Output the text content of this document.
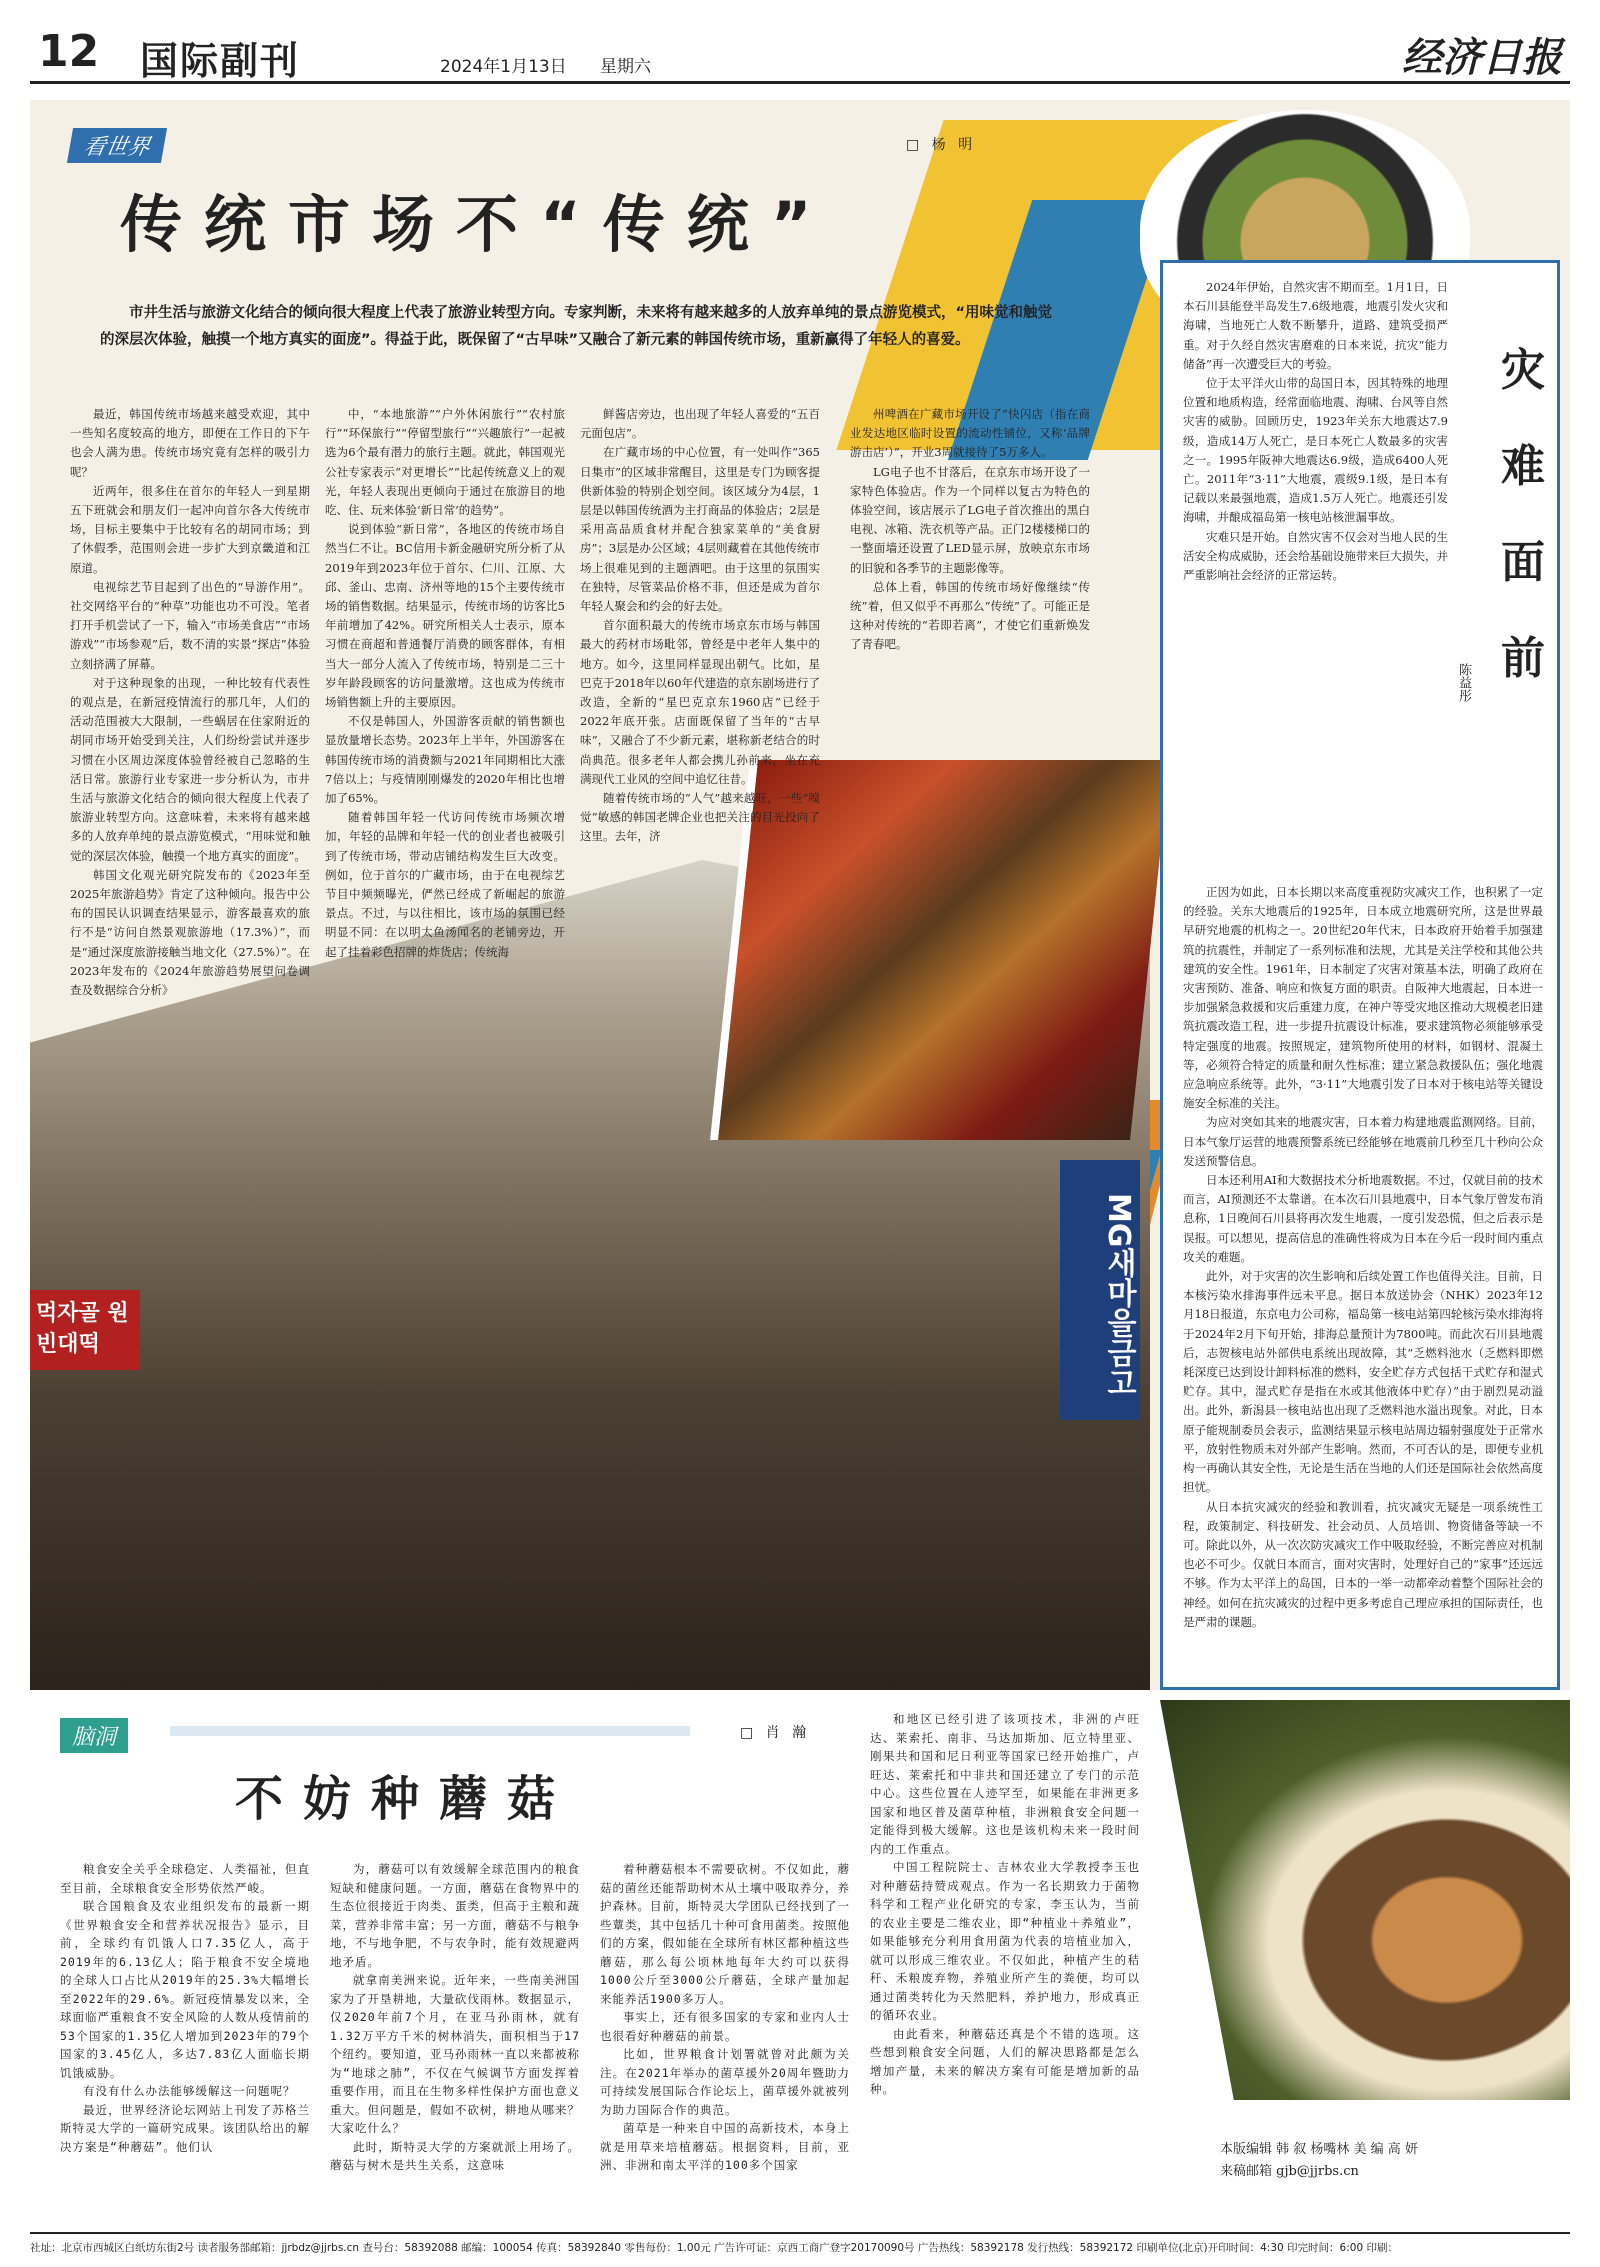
12 国际副刊	2024年1月13日 星期六	经济日报
MG새마을금고
먹자골 원빈대떡
看世界	□ 杨 明
传统市场不“传统”
市井生活与旅游文化结合的倾向很大程度上代表了旅游业转型方向。专家判断，未来将有越来越多的人放弃单纯的景点游览模式，“用味觉和触觉的深层次体验，触摸一个地方真实的面庞”。得益于此，既保留了“古早味”又融合了新元素的韩国传统市场，重新赢得了年轻人的喜爱。

最近，韩国传统市场越来越受欢迎，其中一些知名度较高的地方，即便在工作日的下午也会人满为患。传统市场究竟有怎样的吸引力呢？

近两年，很多住在首尔的年轻人一到星期五下班就会和朋友们一起冲向首尔各大传统市场，目标主要集中于比较有名的胡同市场；到了休假季，范围则会进一步扩大到京畿道和江原道。

电视综艺节目起到了出色的“导游作用”。社交网络平台的“种草”功能也功不可没。笔者打开手机尝试了一下，输入“市场美食店”“市场游戏”“市场参观”后，数不清的实景“探店”体验立刻挤满了屏幕。

对于这种现象的出现，一种比较有代表性的观点是，在新冠疫情流行的那几年，人们的活动范围被大大限制，一些蜗居在住家附近的胡同市场开始受到关注，人们纷纷尝试并逐步习惯在小区周边深度体验曾经被自己忽略的生活日常。旅游行业专家进一步分析认为，市井生活与旅游文化结合的倾向很大程度上代表了旅游业转型方向。这意味着，未来将有越来越多的人放弃单纯的景点游览模式，“用味觉和触觉的深层次体验，触摸一个地方真实的面庞”。

韩国文化观光研究院发布的《2023年至2025年旅游趋势》肯定了这种倾向。报告中公布的国民认识调查结果显示，游客最喜欢的旅行不是“访问自然景观旅游地（17.3%）”，而是“通过深度旅游接触当地文化（27.5%）”。在2023年发布的《2024年旅游趋势展望问卷调查及数据综合分析》

中，“本地旅游”“户外休闲旅行”“农村旅行”“环保旅行”“停留型旅行”“兴趣旅行”一起被选为6个最有潜力的旅行主题。就此，韩国观光公社专家表示“对更增长”“比起传统意义上的观光，年轻人表现出更倾向于通过在旅游目的地吃、住、玩来体验‘新日常’的趋势”。

说到体验“新日常”，各地区的传统市场自然当仁不让。BC信用卡新金融研究所分析了从2019年到2023年位于首尔、仁川、江原、大邱、釜山、忠南、济州等地的15个主要传统市场的销售数据。结果显示，传统市场的访客比5年前增加了42%。研究所相关人士表示，原本习惯在商超和普通餐厅消费的顾客群体，有相当大一部分人流入了传统市场，特别是二三十岁年龄段顾客的访问量激增。这也成为传统市场销售额上升的主要原因。

不仅是韩国人，外国游客贡献的销售额也显放量增长态势。2023年上半年，外国游客在韩国传统市场的消费额与2021年同期相比大涨7倍以上；与疫情刚刚爆发的2020年相比也增加了65%。

随着韩国年轻一代访问传统市场频次增加，年轻的品牌和年轻一代的创业者也被吸引到了传统市场，带动店铺结构发生巨大改变。例如，位于首尔的广藏市场，由于在电视综艺节目中频频曝光，俨然已经成了新崛起的旅游景点。不过，与以往相比，该市场的氛围已经明显不同：在以明太鱼汤闻名的老铺旁边，开起了挂着彩色招牌的炸货店；传统海

鲜酱店旁边，也出现了年轻人喜爱的“五百元面包店”。

在广藏市场的中心位置，有一处叫作“365日集市”的区域非常醒目，这里是专门为顾客提供新体验的特别企划空间。该区域分为4层，1层是以韩国传统酒为主打商品的体验店；2层是采用高品质食材并配合独家菜单的“美食厨房”；3层是办公区域；4层则藏着在其他传统市场上很难见到的主题酒吧。由于这里的氛围实在独特，尽管菜品价格不菲，但还是成为首尔年轻人聚会和约会的好去处。

首尔面积最大的传统市场京东市场与韩国最大的药材市场毗邻，曾经是中老年人集中的地方。如今，这里同样显现出朝气。比如，星巴克于2018年以60年代建造的京东剧场进行了改造，全新的“星巴克京东1960店”已经于2022年底开张。店面既保留了当年的“古早味”，又融合了不少新元素，堪称新老结合的时尚典范。很多老年人都会携儿孙前来，坐在充满现代工业风的空间中追忆往昔。

随着传统市场的“人气”越来越旺，一些“嗅觉”敏感的韩国老牌企业也把关注的目光投向了这里。去年，济

州啤酒在广藏市场开设了“快闪店（指在商业发达地区临时设置的流动性铺位，又称‘品牌游击店’）”，开业3周就接待了5万多人。

LG电子也不甘落后，在京东市场开设了一家特色体验店。作为一个同样以复古为特色的体验空间，该店展示了LG电子首次推出的黑白电视、冰箱、洗衣机等产品。正门2楼楼梯口的一整面墙还设置了LED显示屏，放映京东市场的旧貌和各季节的主题影像等。

总体上看，韩国的传统市场好像继续“传统”着，但又似乎不再那么“传统”了。可能正是这种对传统的“若即若离”，才使它们重新焕发了青春吧。

灾难面前
陈益彤

2024年伊始，自然灾害不期而至。1月1日，日本石川县能登半岛发生7.6级地震，地震引发火灾和海啸，当地死亡人数不断攀升，道路、建筑受损严重。对于久经自然灾害磨难的日本来说，抗灾“能力储备”再一次遭受巨大的考验。

位于太平洋火山带的岛国日本，因其特殊的地理位置和地质构造，经常面临地震、海啸、台风等自然灾害的威胁。回顾历史，1923年关东大地震达7.9级，造成14万人死亡，是日本死亡人数最多的灾害之一。1995年阪神大地震达6.9级，造成6400人死亡。2011年“3·11”大地震，震级9.1级，是日本有记载以来最强地震，造成1.5万人死亡。地震还引发海啸，并酿成福岛第一核电站核泄漏事故。

灾难只是开始。自然灾害不仅会对当地人民的生活安全构成威胁，还会给基础设施带来巨大损失，并严重影响社会经济的正常运转。

正因为如此，日本长期以来高度重视防灾减灾工作，也积累了一定的经验。关东大地震后的1925年，日本成立地震研究所，这是世界最早研究地震的机构之一。20世纪20年代末，日本政府开始着手加强建筑的抗震性，并制定了一系列标准和法规，尤其是关注学校和其他公共建筑的安全性。1961年，日本制定了灾害对策基本法，明确了政府在灾害预防、准备、响应和恢复方面的职责。自阪神大地震起，日本进一步加强紧急救援和灾后重建力度，在神户等受灾地区推动大规模老旧建筑抗震改造工程，进一步提升抗震设计标准，要求建筑物必须能够承受特定强度的地震。按照规定，建筑物所使用的材料，如钢材、混凝土等，必须符合特定的质量和耐久性标准；建立紧急救援队伍；强化地震应急响应系统等。此外，“3·11”大地震引发了日本对于核电站等关键设施安全标准的关注。

为应对突如其来的地震灾害，日本着力构建地震监测网络。目前，日本气象厅运营的地震预警系统已经能够在地震前几秒至几十秒向公众发送预警信息。

日本还利用AI和大数据技术分析地震数据。不过，仅就目前的技术而言，AI预测还不太靠谱。在本次石川县地震中，日本气象厅曾发布消息称，1日晚间石川县将再次发生地震，一度引发恐慌，但之后表示是误报。可以想见，提高信息的准确性将成为日本在今后一段时间内重点攻关的难题。

此外，对于灾害的次生影响和后续处置工作也值得关注。目前，日本核污染水排海事件远未平息。据日本放送协会（NHK）2023年12月18日报道，东京电力公司称，福岛第一核电站第四轮核污染水排海将于2024年2月下旬开始，排海总量预计为7800吨。而此次石川县地震后，志贺核电站外部供电系统出现故障，其“乏燃料池水（乏燃料即燃耗深度已达到设计卸料标准的燃料，安全贮存方式包括干式贮存和湿式贮存。其中，湿式贮存是指在水或其他液体中贮存）”由于剧烈晃动溢出。此外，新潟县一核电站也出现了乏燃料池水溢出现象。对此，日本原子能规制委员会表示，监测结果显示核电站周边辐射强度处于正常水平，放射性物质未对外部产生影响。然而，不可否认的是，即便专业机构一再确认其安全性，无论是生活在当地的人们还是国际社会依然高度担忧。

从日本抗灾减灾的经验和教训看，抗灾减灾无疑是一项系统性工程，政策制定、科技研发、社会动员、人员培训、物资储备等缺一不可。除此以外，从一次次防灾减灾工作中吸取经验，不断完善应对机制也必不可少。仅就日本而言，面对灾害时，处理好自己的“家事”还远远不够。作为太平洋上的岛国，日本的一举一动都牵动着整个国际社会的神经。如何在抗灾减灾的过程中更多考虑自己理应承担的国际责任，也是严肃的课题。

脑洞	□ 肖 瀚
不妨种蘑菇

粮食安全关乎全球稳定、人类福祉，但直至目前，全球粮食安全形势依然严峻。

联合国粮食及农业组织发布的最新一期《世界粮食安全和营养状况报告》显示，目前，全球约有饥饿人口7.35亿人，高于2019年的6.13亿人；陷于粮食不安全境地的全球人口占比从2019年的25.3%大幅增长至2022年的29.6%。新冠疫情暴发以来，全球面临严重粮食不安全风险的人数从疫情前的53个国家的1.35亿人增加到2023年的79个国家的3.45亿人，多达7.83亿人面临长期饥饿威胁。

有没有什么办法能够缓解这一问题呢？

最近，世界经济论坛网站上刊发了苏格兰斯特灵大学的一篇研究成果。该团队给出的解决方案是“种蘑菇”。他们认

为，蘑菇可以有效缓解全球范围内的粮食短缺和健康问题。一方面，蘑菇在食物界中的生态位很接近于肉类、蛋类，但高于主粮和蔬菜，营养非常丰富；另一方面，蘑菇不与粮争地，不与地争肥，不与农争时，能有效规避两地矛盾。

就拿南美洲来说。近年来，一些南美洲国家为了开垦耕地，大量砍伐雨林。数据显示，仅2020年前7个月，在亚马孙雨林，就有1.32万平方千米的树林消失，面积相当于17个纽约。要知道，亚马孙雨林一直以来都被称为“地球之肺”，不仅在气候调节方面发挥着重要作用，而且在生物多样性保护方面也意义重大。但问题是，假如不砍树，耕地从哪来？大家吃什么？

此时，斯特灵大学的方案就派上用场了。蘑菇与树木是共生关系，这意味

着种蘑菇根本不需要砍树。不仅如此，蘑菇的菌丝还能帮助树木从土壤中吸取养分，养护森林。目前，斯特灵大学团队已经找到了一些蕈类，其中包括几十种可食用菌类。按照他们的方案，假如能在全球所有林区都种植这些蘑菇，那么每公顷林地每年大约可以获得1000公斤至3000公斤蘑菇，全球产量加起来能养活1900多万人。

事实上，还有很多国家的专家和业内人士也很看好种蘑菇的前景。

比如，世界粮食计划署就曾对此颇为关注。在2021年举办的菌草援外20周年暨助力可持续发展国际合作论坛上，菌草援外就被列为助力国际合作的典范。

菌草是一种来自中国的高新技术，本身上就是用草来培植蘑菇。根据资料，目前，亚洲、非洲和南太平洋的100多个国家

和地区已经引进了该项技术，非洲的卢旺达、莱索托、南非、马达加斯加、厄立特里亚、刚果共和国和尼日利亚等国家已经开始推广，卢旺达、莱索托和中非共和国还建立了专门的示范中心。这些位置在人迹罕至，如果能在非洲更多国家和地区普及菌草种植，非洲粮食安全问题一定能得到极大缓解。这也是该机构未来一段时间内的工作重点。

中国工程院院士、吉林农业大学教授李玉也对种蘑菇持赞成观点。作为一名长期致力于菌物科学和工程产业化研究的专家，李玉认为，当前的农业主要是二维农业，即“种植业＋养殖业”，如果能够充分利用食用菌为代表的培植业加入，就可以形成三维农业。不仅如此，种植产生的秸秆、禾粮废弃物，养殖业所产生的粪便，均可以通过菌类转化为天然肥料，养护地力，形成真正的循环农业。

由此看来，种蘑菇还真是个不错的选项。这些想到粮食安全问题，人们的解决思路都是怎么增加产量，未来的解决方案有可能是增加新的品种。

本版编辑 韩 叙 杨嘴林 美 编 高 妍
来稿邮箱 gjb@jjrbs.cn
社址：北京市西城区白纸坊东街2号 读者服务部邮箱：jjrbdz@jjrbs.cn 查号台：58392088 邮编：100054 传真：58392840 零售每份：1.00元 广告许可证：京西工商广登字20170090号 广告热线：58392178 发行热线：58392172 印刷单位(北京)开印时间：4:30 印完时间：6:00 印刷：
